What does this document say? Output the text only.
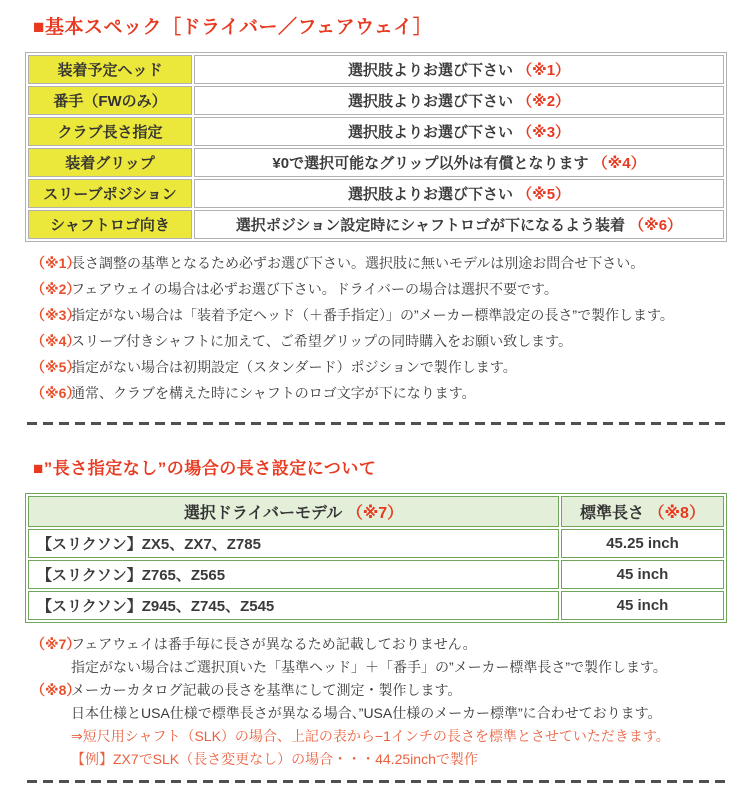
■基本スペック［ドライバー／フェアウェイ］
装着予定ヘッド	選択肢よりお選び下さい （※1）
番手（FWのみ）	選択肢よりお選び下さい （※2）
クラブ長さ指定	選択肢よりお選び下さい （※3）
装着グリップ	¥0で選択可能なグリップ以外は有償となります （※4）
スリーブポジション	選択肢よりお選び下さい （※5）
シャフトロゴ向き	選択ポジション設定時にシャフトロゴが下になるよう装着 （※6）
（※1）
長さ調整の基準となるため必ずお選び下さい。選択肢に無いモデルは別途お問合せ下さい。
（※2）
フェアウェイの場合は必ずお選び下さい。ドライバーの場合は選択不要です。
（※3）
指定がない場合は「装着予定ヘッド（＋番手指定）」の”メーカー標準設定の長さ”で製作します。
（※4）
スリーブ付きシャフトに加えて、ご希望グリップの同時購入をお願い致します。
（※5）
指定がない場合は初期設定（スタンダード）ポジションで製作します。
（※6）
通常、クラブを構えた時にシャフトのロゴ文字が下になります。
■”長さ指定なし”の場合の長さ設定について
選択ドライバーモデル （※7）	標準長さ （※8）
【スリクソン】ZX5、ZX7、Z785	45.25 inch
【スリクソン】Z765、Z565	45 inch
【スリクソン】Z945、Z745、Z545	45 inch
（※7）
フェアウェイは番手毎に長さが異なるため記載しておりません。
指定がない場合はご選択頂いた「基準ヘッド」＋「番手」の”メーカー標準長さ”で製作します。
（※8）
メーカーカタログ記載の長さを基準にして測定・製作します。
日本仕様とUSA仕様で標準長さが異なる場合、”USA仕様のメーカー標準”に合わせております。
⇒短尺用シャフト（SLK）の場合、上記の表から−1インチの長さを標準とさせていただきます。
【例】ZX7でSLK（長さ変更なし）の場合・・・44.25inchで製作
